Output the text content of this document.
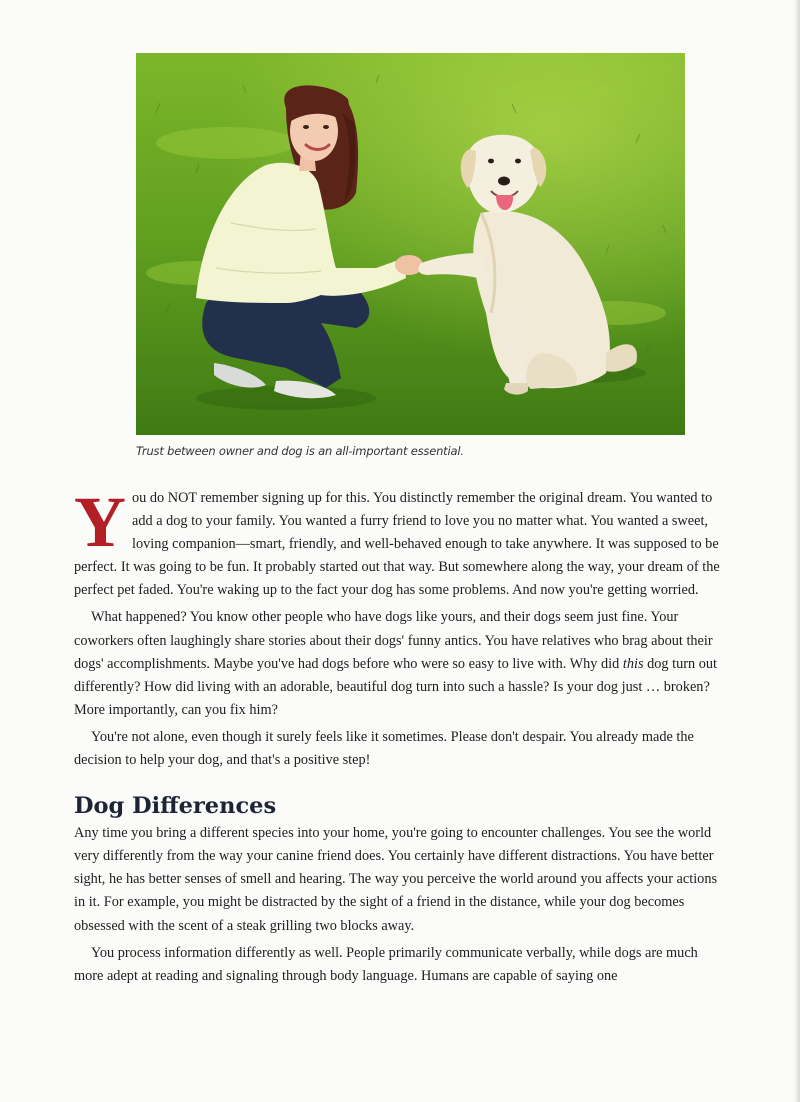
Trust between owner and dog is an all-important essential.

You do NOT remember signing up for this. You distinctly remember the original dream. You wanted to add a dog to your family. You wanted a furry friend to love you no matter what. You wanted a sweet, loving companion—smart, friendly, and well-behaved enough to take anywhere. It was supposed to be perfect. It was going to be fun. It probably started out that way. But somewhere along the way, your dream of the perfect pet faded. You're waking up to the fact your dog has some problems. And now you're getting worried.

What happened? You know other people who have dogs like yours, and their dogs seem just fine. Your coworkers often laughingly share stories about their dogs' funny antics. You have relatives who brag about their dogs' accomplishments. Maybe you've had dogs before who were so easy to live with. Why did this dog turn out differently? How did living with an adorable, beautiful dog turn into such a hassle? Is your dog just … broken? More importantly, can you fix him?

You're not alone, even though it surely feels like it sometimes. Please don't despair. You already made the decision to help your dog, and that's a positive step!

Dog Differences

Any time you bring a different species into your home, you're going to encounter challenges. You see the world very differently from the way your canine friend does. You certainly have different distractions. You have better sight, he has better senses of smell and hearing. The way you perceive the world around you affects your actions in it. For example, you might be distracted by the sight of a friend in the distance, while your dog becomes obsessed with the scent of a steak grilling two blocks away.

You process information differently as well. People primarily communicate verbally, while dogs are much more adept at reading and signaling through body language. Humans are capable of saying one
